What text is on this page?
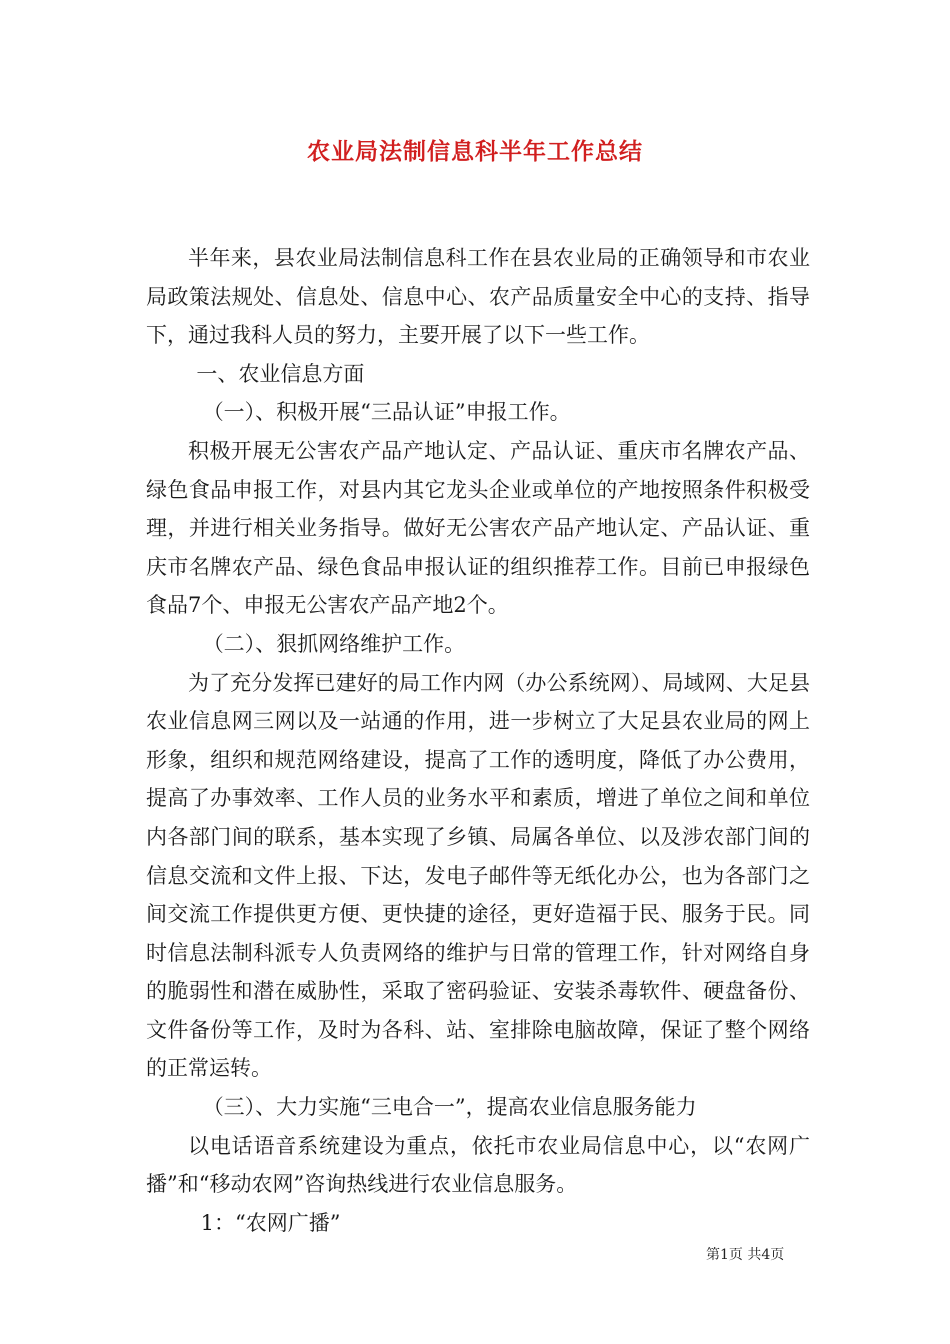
农业局法制信息科半年工作总结

半年来，县农业局法制信息科工作在县农业局的正确领导和市农业局政策法规处、信息处、信息中心、农产品质量安全中心的支持、指导下，通过我科人员的努力，主要开展了以下一些工作。

一、农业信息方面

（一）、积极开展“三品认证”申报工作。

积极开展无公害农产品产地认定、产品认证、重庆市名牌农产品、绿色食品申报工作，对县内其它龙头企业或单位的产地按照条件积极受理，并进行相关业务指导。做好无公害农产品产地认定、产品认证、重庆市名牌农产品、绿色食品申报认证的组织推荐工作。目前已申报绿色食品7个、申报无公害农产品产地2个。

（二）、狠抓网络维护工作。

为了充分发挥已建好的局工作内网（办公系统网）、局域网、大足县农业信息网三网以及一站通的作用，进一步树立了大足县农业局的网上形象，组织和规范网络建设，提高了工作的透明度，降低了办公费用，提高了办事效率、工作人员的业务水平和素质，增进了单位之间和单位内各部门间的联系，基本实现了乡镇、局属各单位、以及涉农部门间的信息交流和文件上报、下达，发电子邮件等无纸化办公，也为各部门之间交流工作提供更方便、更快捷的途径，更好造福于民、服务于民。同时信息法制科派专人负责网络的维护与日常的管理工作，针对网络自身的脆弱性和潜在威胁性，采取了密码验证、安装杀毒软件、硬盘备份、文件备份等工作，及时为各科、站、室排除电脑故障，保证了整个网络的正常运转。

（三）、大力实施“三电合一”，提高农业信息服务能力

以电话语音系统建设为重点，依托市农业局信息中心，以“农网广播”和“移动农网”咨询热线进行农业信息服务。

1：“农网广播”

第1页 共4页
